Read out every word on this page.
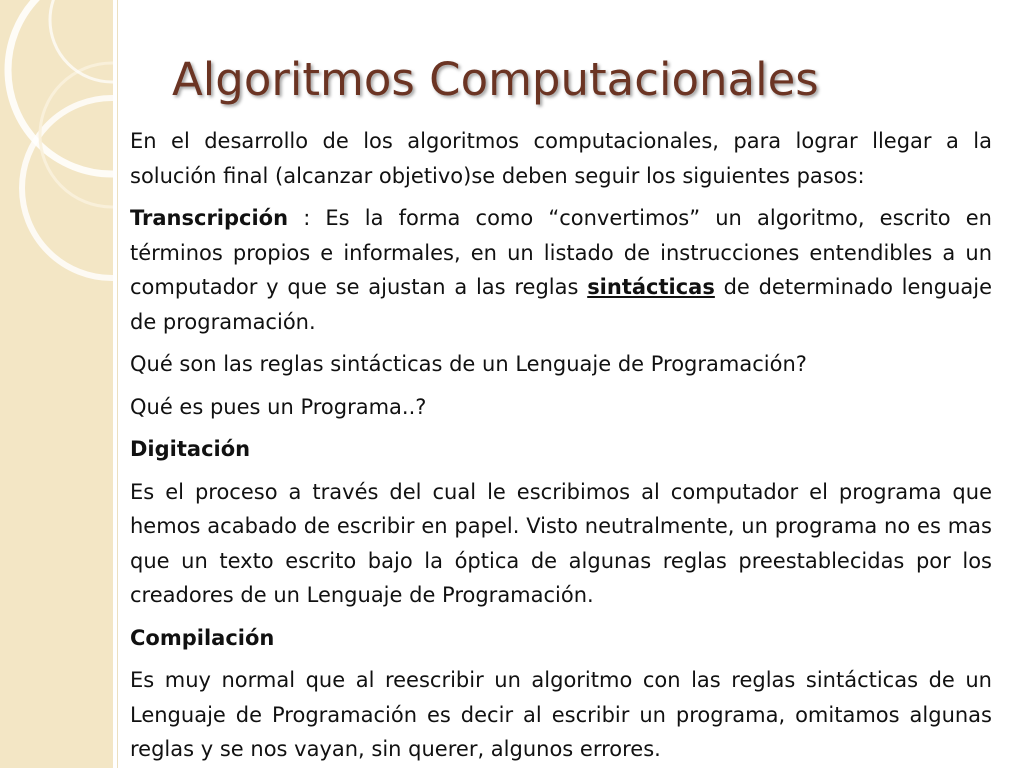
Algoritmos Computacionales

En el desarrollo de los algoritmos computacionales, para lograr llegar a la solución final (alcanzar objetivo)se deben seguir los siguientes pasos:

Transcripción : Es la forma como “convertimos” un algoritmo, escrito en términos propios e informales, en un listado de instrucciones entendibles a un computador y que se ajustan a las reglas sintácticas de determinado lenguaje de programación.

Qué son las reglas sintácticas de un Lenguaje de Programación?

Qué es pues un Programa..?

Digitación

Es el proceso a través del cual le escribimos al computador el programa que hemos acabado de escribir en papel. Visto neutralmente, un programa no es mas que un texto escrito bajo la óptica de algunas reglas preestablecidas por los creadores de un Lenguaje de Programación.

Compilación

Es muy normal que al reescribir un algoritmo con las reglas sintácticas de un Lenguaje de Programación es decir al escribir un programa, omitamos algunas reglas y se nos vayan, sin querer, algunos errores.
